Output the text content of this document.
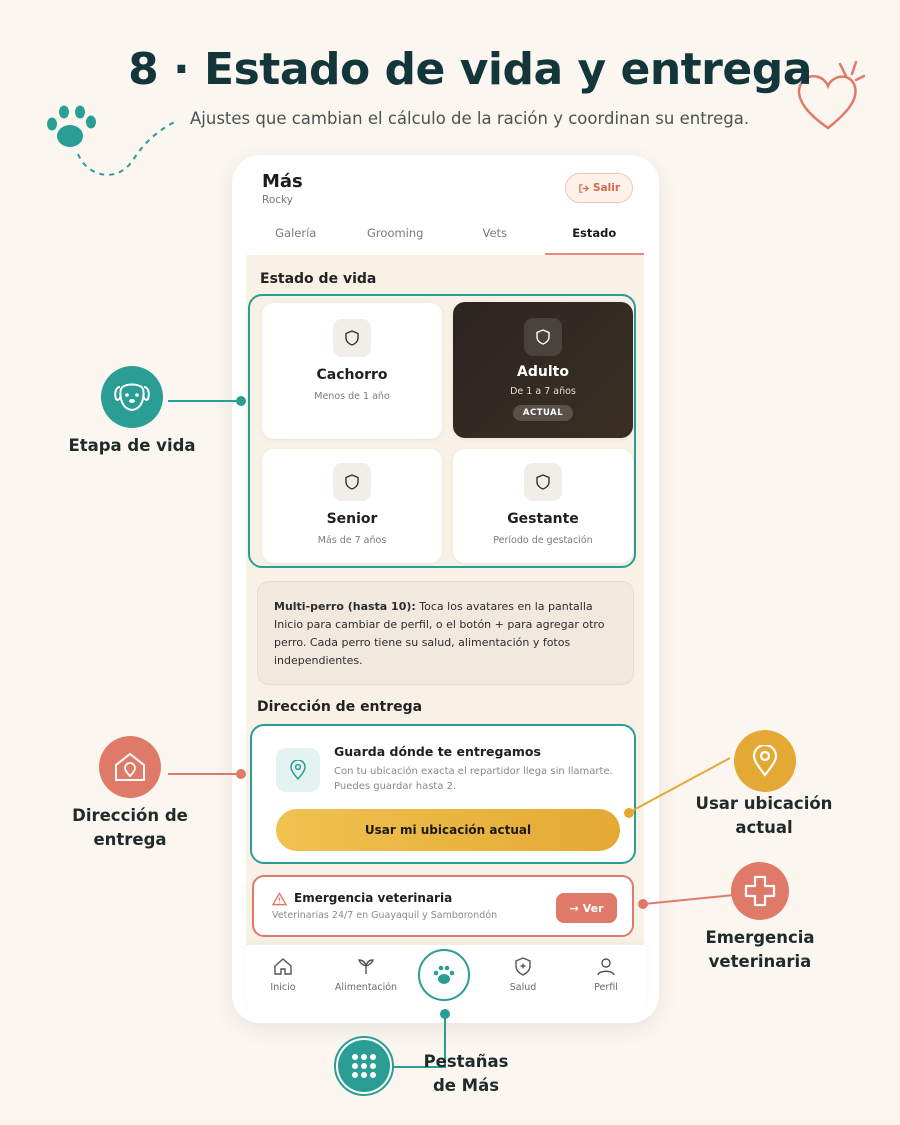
8 · Estado de vida y entrega
Ajustes que cambian el cálculo de la ración y coordinan su entrega.
Más
Rocky
Salir
Galería	Grooming	Vets	Estado
Estado de vida
Cachorro
Menos de 1 año
Adulto
De 1 a 7 años
ACTUAL
Senior
Más de 7 años
Gestante
Período de gestación
Multi-perro (hasta 10): Toca los avatares en la pantalla Inicio para cambiar de perfil, o el botón + para agregar otro perro. Cada perro tiene su salud, alimentación y fotos independientes.
Dirección de entrega
Guarda dónde te entregamos
Con tu ubicación exacta el repartidor llega sin llamarte. Puedes guardar hasta 2.
Usar mi ubicación actual
Emergencia veterinaria
Veterinarias 24/7 en Guayaquil y Samborondón
→ Ver
Inicio	Alimentación	Salud	Perfil
Etapa de vida
Dirección de
entrega
Usar ubicación
actual
Emergencia
veterinaria
Pestañas
de Más
